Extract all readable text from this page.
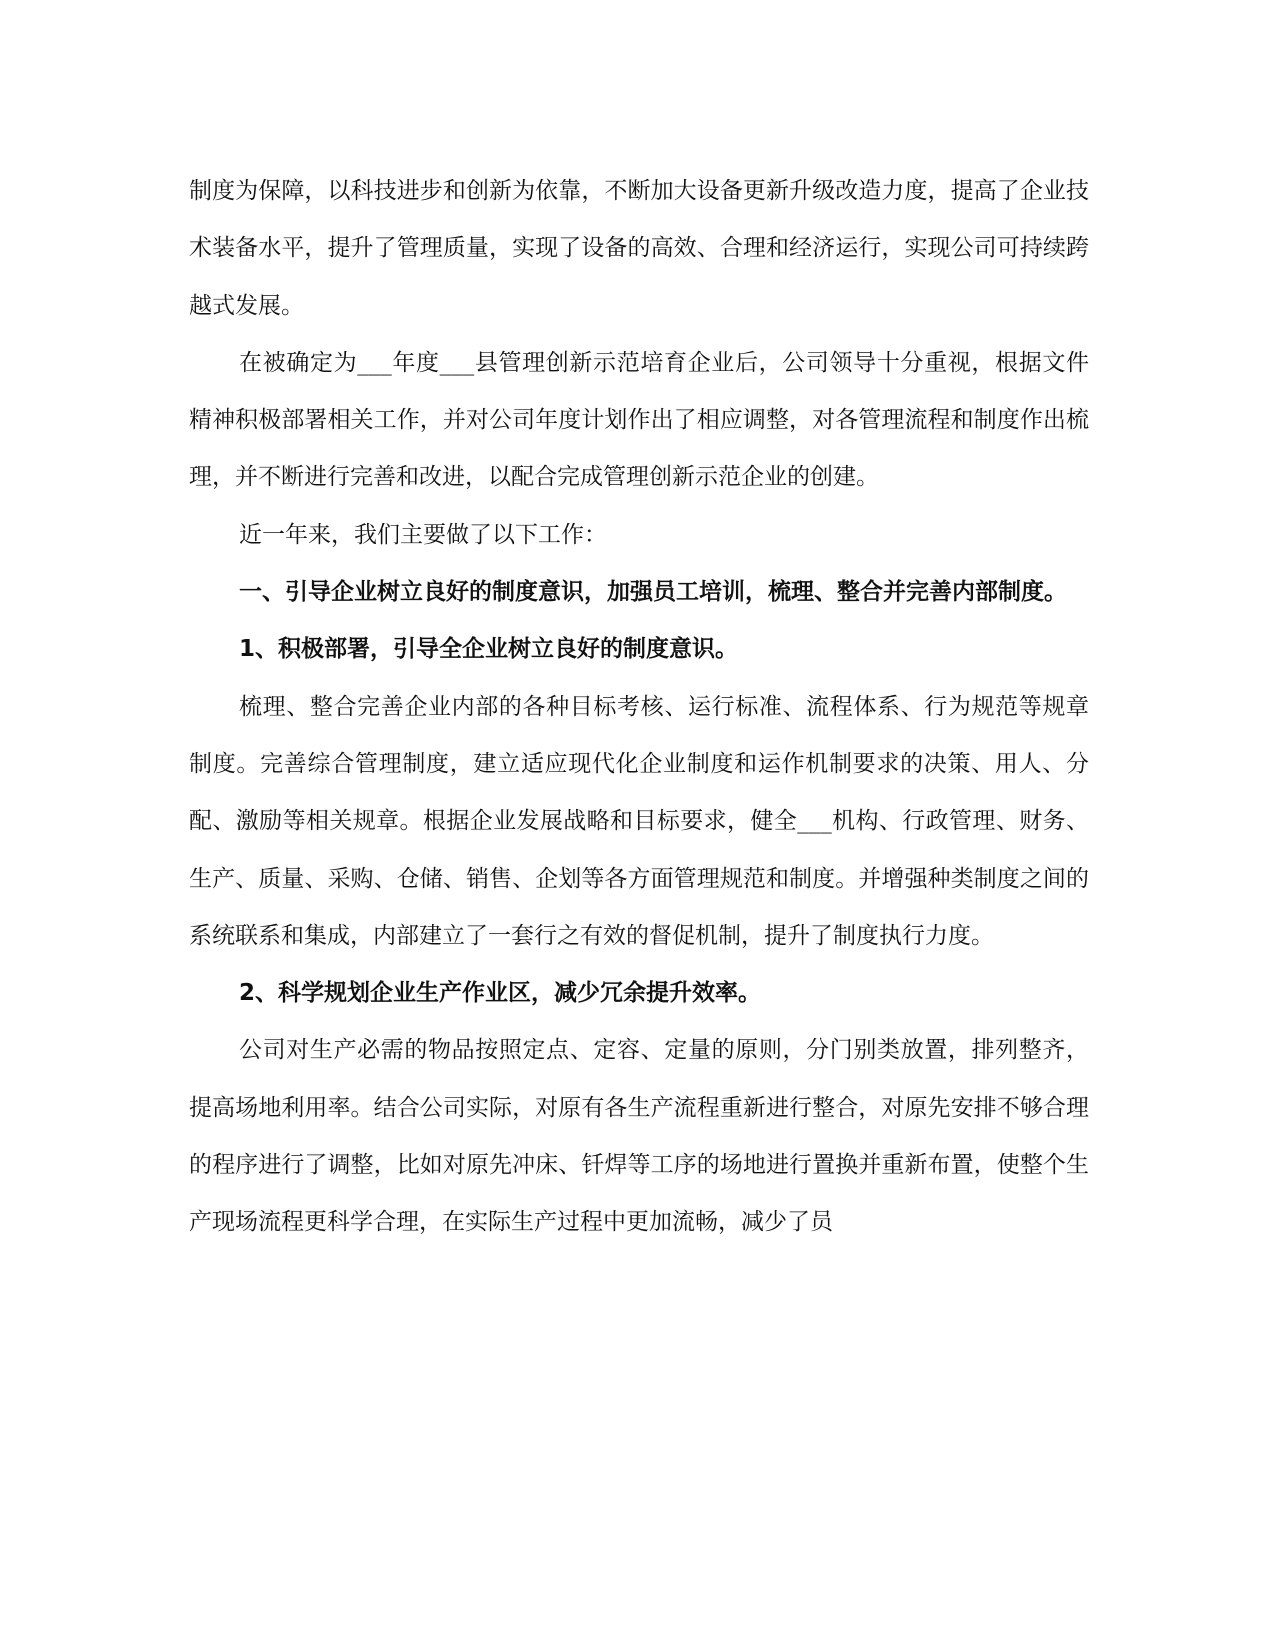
制度为保障，以科技进步和创新为依靠，不断加大设备更新升级改造力度，提高了企业技术装备水平，提升了管理质量，实现了设备的高效、合理和经济运行，实现公司可持续跨越式发展。

在被确定为___年度___县管理创新示范培育企业后，公司领导十分重视，根据文件精神积极部署相关工作，并对公司年度计划作出了相应调整，对各管理流程和制度作出梳理，并不断进行完善和改进，以配合完成管理创新示范企业的创建。

近一年来，我们主要做了以下工作：

一、引导企业树立良好的制度意识，加强员工培训，梳理、整合并完善内部制度。

1、积极部署，引导全企业树立良好的制度意识。

梳理、整合完善企业内部的各种目标考核、运行标准、流程体系、行为规范等规章制度。完善综合管理制度，建立适应现代化企业制度和运作机制要求的决策、用人、分配、激励等相关规章。根据企业发展战略和目标要求，健全___机构、行政管理、财务、生产、质量、采购、仓储、销售、企划等各方面管理规范和制度。并增强种类制度之间的系统联系和集成，内部建立了一套行之有效的督促机制，提升了制度执行力度。

2、科学规划企业生产作业区，减少冗余提升效率。

公司对生产必需的物品按照定点、定容、定量的原则，分门别类放置，排列整齐，提高场地利用率。结合公司实际，对原有各生产流程重新进行整合，对原先安排不够合理的程序进行了调整，比如对原先冲床、钎焊等工序的场地进行置换并重新布置，使整个生产现场流程更科学合理，在实际生产过程中更加流畅，减少了员
